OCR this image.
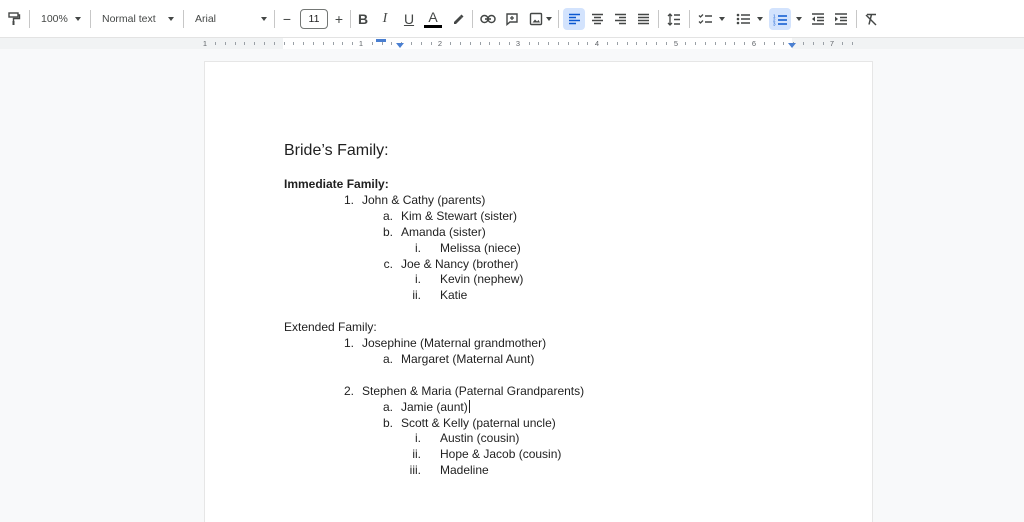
100%	Normal text	Arial	−	11	+ B	I	U A	1
2
3
1	1	2	3	4	5	6	7
Bride’s Family:
Immediate Family:
1. John & Cathy (parents)
a. Kim & Stewart (sister)
b. Amanda (sister)
i. Melissa (niece)
c. Joe & Nancy (brother)
i. Kevin (nephew)
ii. Katie
Extended Family:
1. Josephine (Maternal grandmother)
a. Margaret (Maternal Aunt)
2. Stephen & Maria (Paternal Grandparents)
a. Jamie (aunt)
b. Scott & Kelly (paternal uncle)
i. Austin (cousin)
ii. Hope & Jacob (cousin)
iii. Madeline
